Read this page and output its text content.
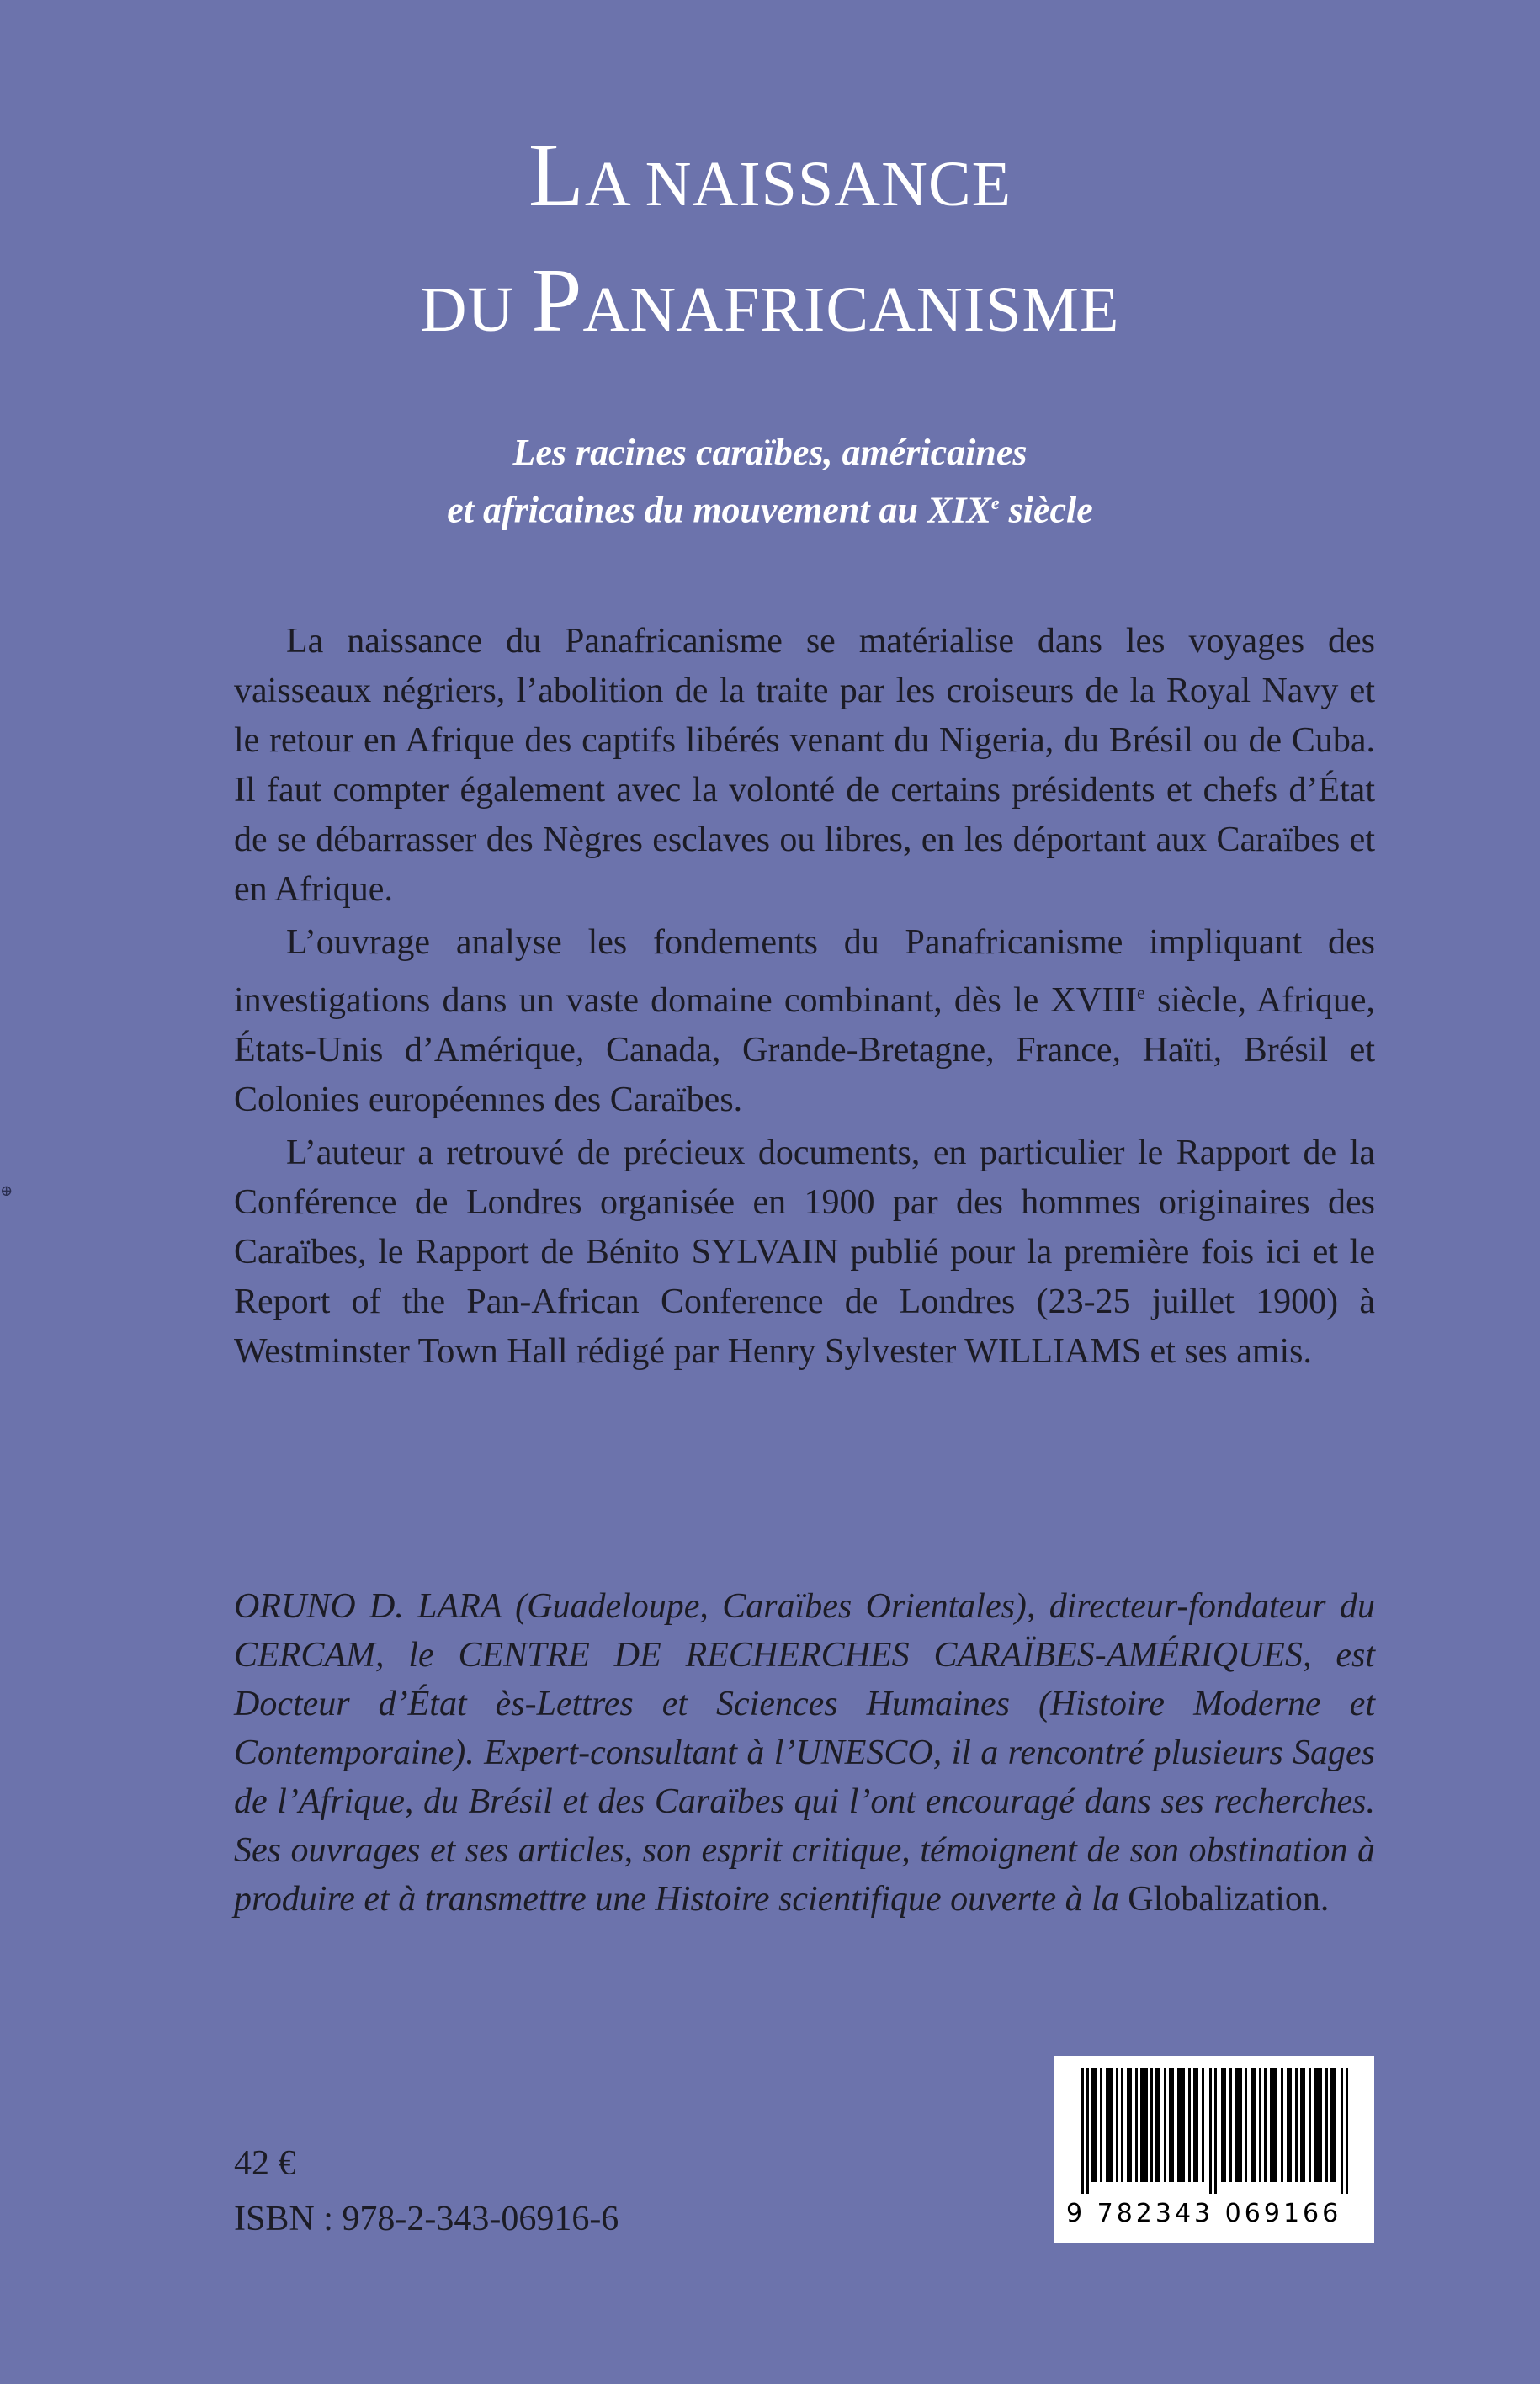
⊕
LA NAISSANCE
DU PANAFRICANISME
Les racines caraïbes, américaines
et africaines du mouvement au XIXe siècle

La naissance du Panafricanisme se matérialise dans les voyages des vaisseaux négriers, l’abolition de la traite par les croiseurs de la Royal Navy et le retour en Afrique des captifs libérés venant du Nigeria, du Brésil ou de Cuba. Il faut compter également avec la volonté de certains présidents et chefs d’État de se débarrasser des Nègres esclaves ou libres, en les déportant aux Caraïbes et en Afrique.

L’ouvrage analyse les fondements du Panafricanisme impliquant des investigations dans un vaste domaine combinant, dès le XVIIIe siècle, Afrique, États-Unis d’Amérique, Canada, Grande-Bretagne, France, Haïti, Brésil et Colonies européennes des Caraïbes.

L’auteur a retrouvé de précieux documents, en particulier le Rapport de la Conférence de Londres organisée en 1900 par des hommes originaires des Caraïbes, le Rapport de Bénito SYLVAIN publié pour la première fois ici et le Report of the Pan-African Conference de Londres (23-25 juillet 1900) à Westminster Town Hall rédigé par Henry Sylvester WILLIAMS et ses amis.

ORUNO D. LARA (Guadeloupe, Caraïbes Orientales), directeur-fondateur du CERCAM, le CENTRE DE RECHERCHES CARAÏBES-AMÉRIQUES, est Docteur d’État ès-Lettres et Sciences Humaines (Histoire Moderne et Contemporaine). Expert-consultant à l’UNESCO, il a rencontré plusieurs Sages de l’Afrique, du Brésil et des Caraïbes qui l’ont encouragé dans ses recherches. Ses ouvrages et ses articles, son esprit critique, témoignent de son obstination à produire et à transmettre une Histoire scientifique ouverte à la Globalization.

42 €
ISBN : 978-2-343-06916-6	9 782343 069166
